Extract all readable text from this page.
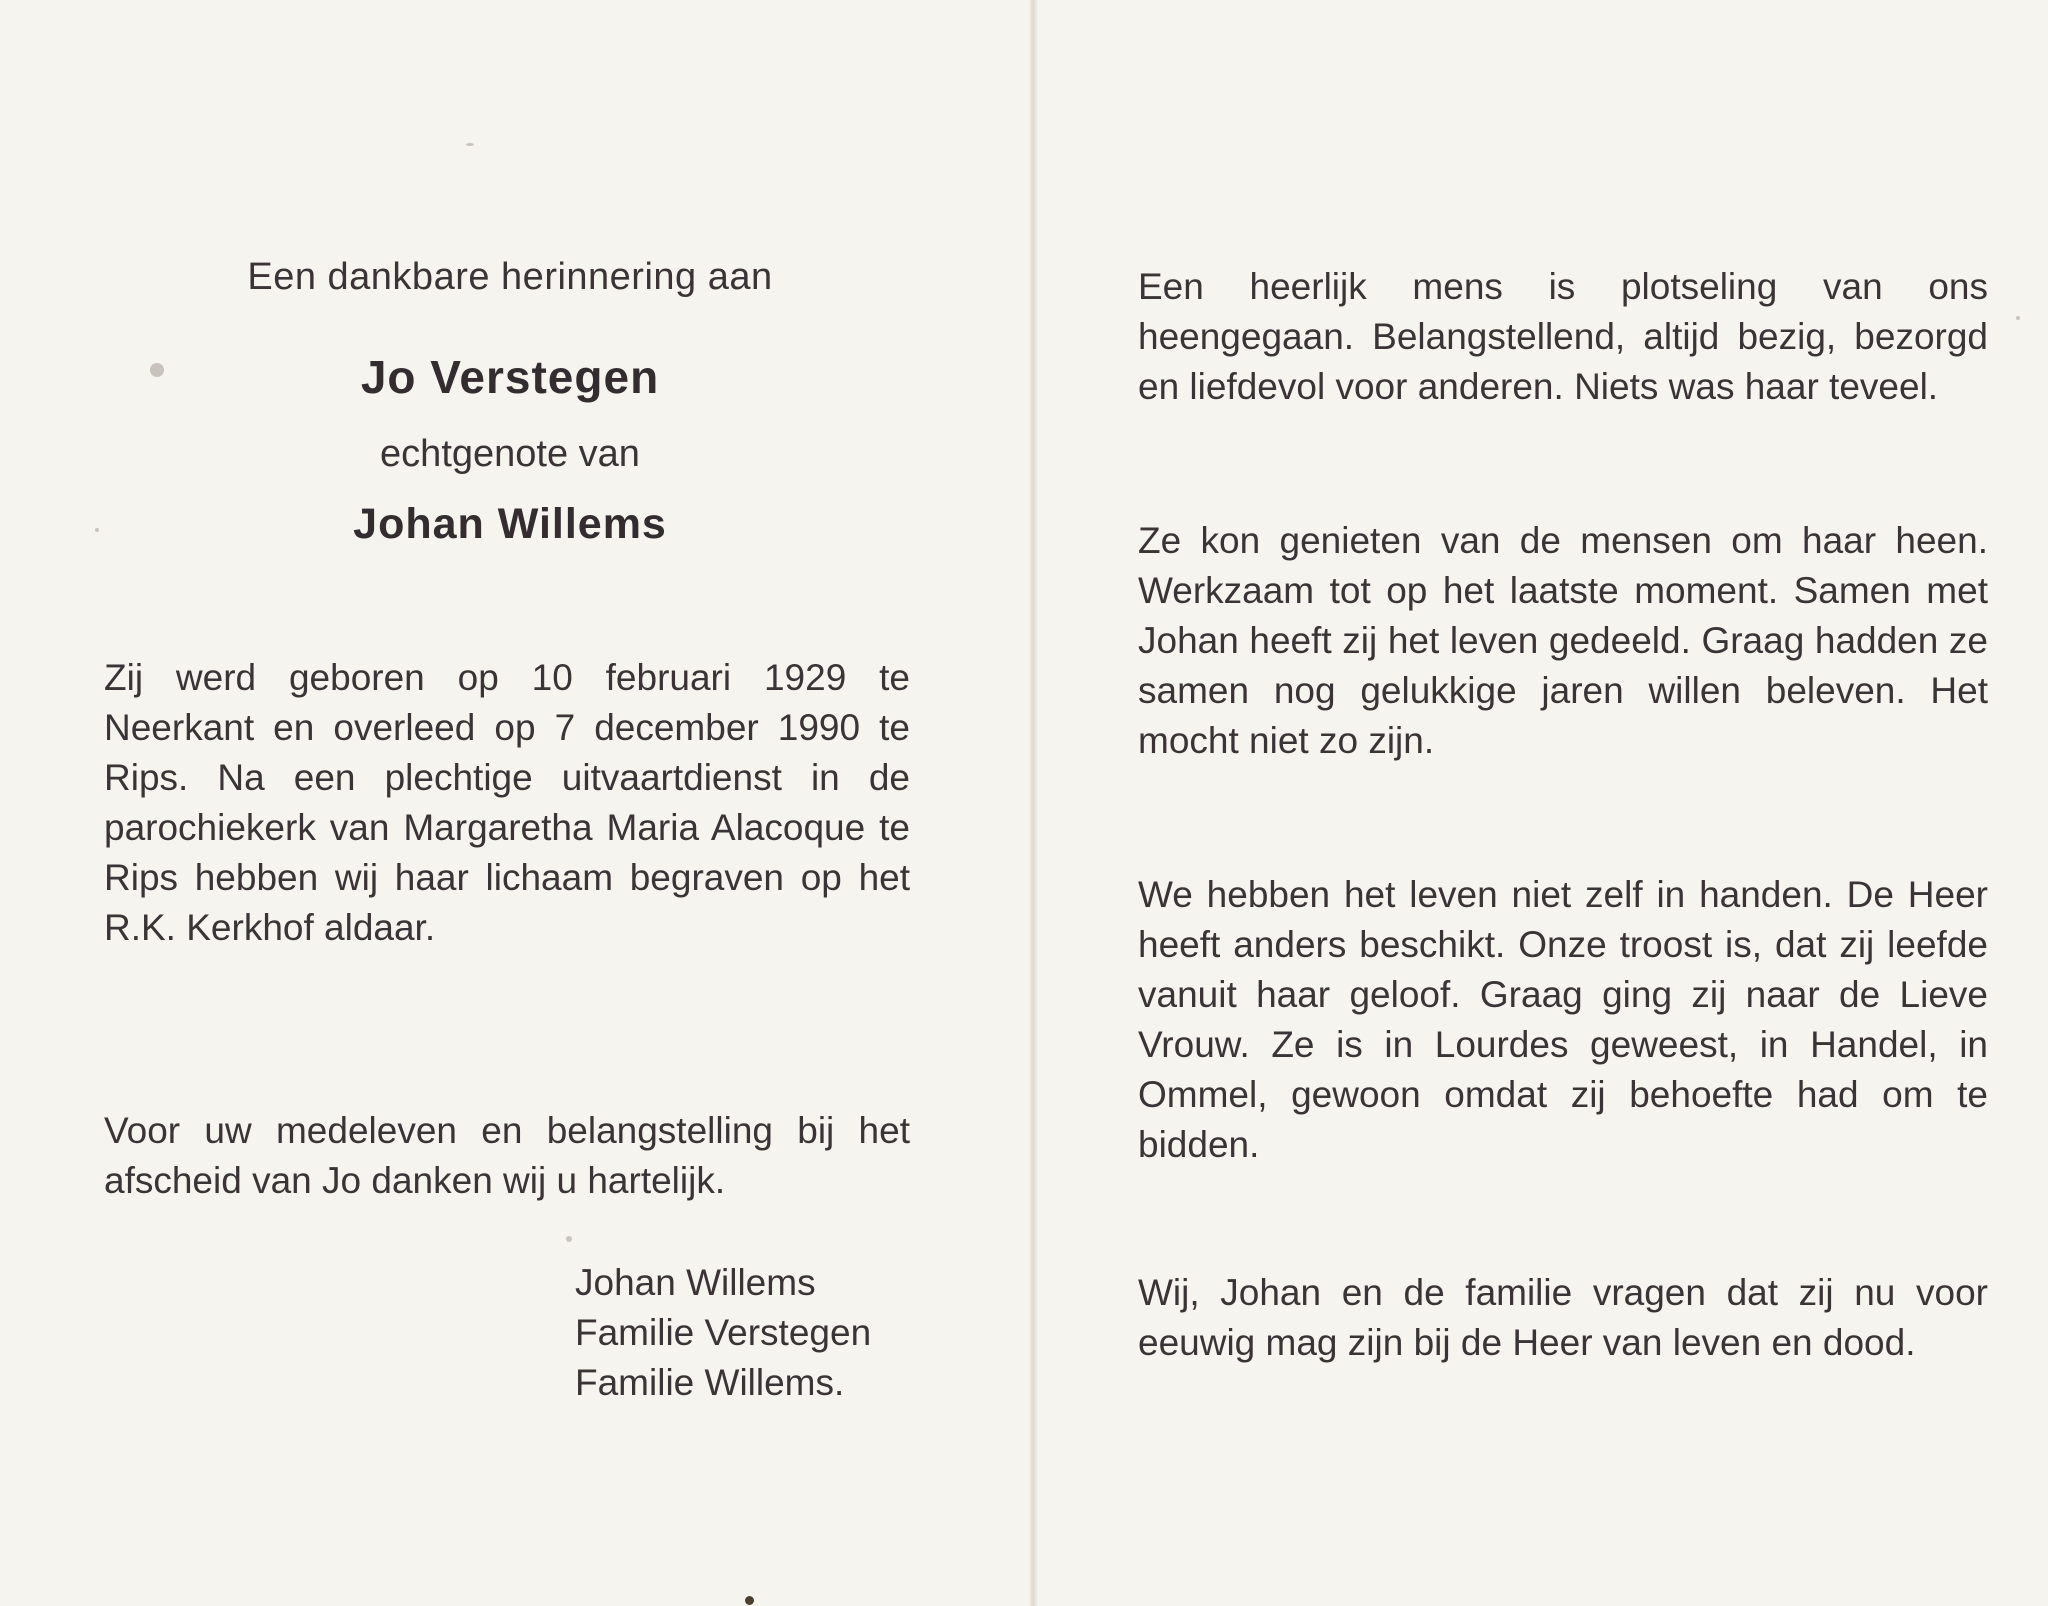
Een dankbare herinnering aan

Jo Verstegen

echtgenote van

Johan Willems

Zij werd geboren op 10 februari 1929 te Neerkant en overleed op 7 december 1990 te Rips. Na een plechtige uitvaartdienst in de parochiekerk van Margaretha Maria Alacoque te Rips hebben wij haar lichaam begraven op het R.K. Kerkhof aldaar.

Voor uw medeleven en belangstelling bij het afscheid van Jo danken wij u hartelijk.

Johan Willems
Familie Verstegen
Familie Willems.

Een heerlijk mens is plotseling van ons heengegaan. Belangstellend, altijd bezig, bezorgd en liefdevol voor anderen. Niets was haar teveel.

Ze kon genieten van de mensen om haar heen. Werkzaam tot op het laatste moment. Samen met Johan heeft zij het leven gedeeld. Graag hadden ze samen nog gelukkige jaren willen beleven. Het mocht niet zo zijn.

We hebben het leven niet zelf in handen. De Heer heeft anders beschikt. Onze troost is, dat zij leefde vanuit haar geloof. Graag ging zij naar de Lieve Vrouw. Ze is in Lourdes geweest, in Handel, in Ommel, gewoon omdat zij behoefte had om te bidden.

Wij, Johan en de familie vragen dat zij nu voor eeuwig mag zijn bij de Heer van leven en dood.
